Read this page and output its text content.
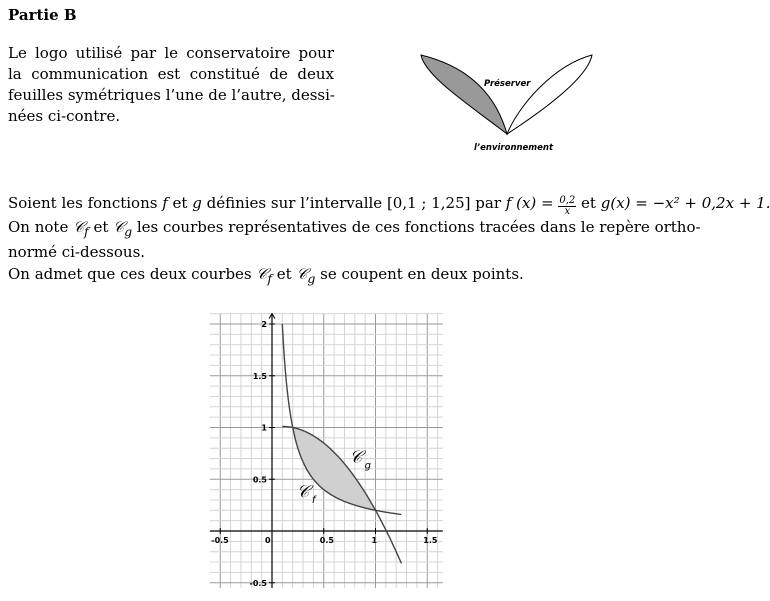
Partie B
Le logo utilisé par le conservatoire pour
la communication est constitué de deux
feuilles symétriques l’une de l’autre, dessi-
nées ci-contre.
Préserver
l’environnement
Soient les fonctions f et g définies sur l’intervalle [0,1 ; 1,25] par f $(x) = \frac{0,2}{x}$ et g(x) = −x² + 0,2x + 1.
On note 𝒞$_f$ et 𝒞$_g$ les courbes représentatives de ces fonctions tracées dans le repère ortho-
normé ci-dessous.
On admet que ces deux courbes 𝒞$_f$ et 𝒞$_g$ se coupent en deux points.
-0.5	0	0.5	1	1.5
-0.5
0.5
1
1.5
2
𝒞 g
𝒞 f
